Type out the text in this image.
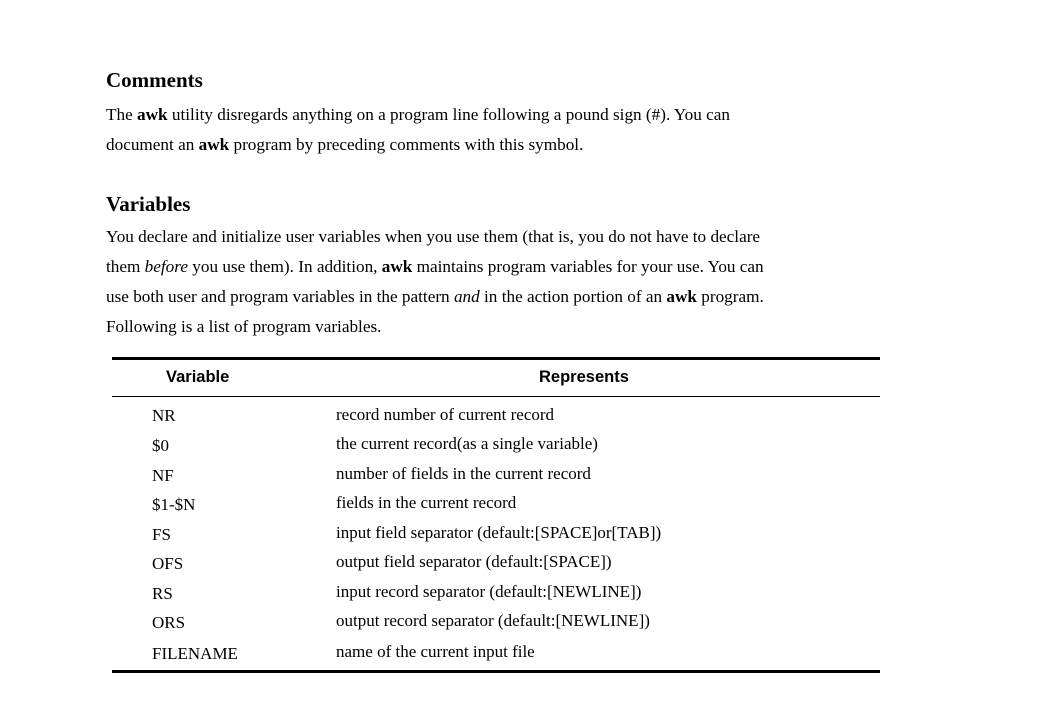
Comments

The awk utility disregards anything on a program line following a pound sign (#). You can
document an awk program by preceding comments with this symbol.

Variables

You declare and initialize user variables when you use them (that is, you do not have to declare
them before you use them). In addition, awk maintains program variables for your use. You can
use both user and program variables in the pattern and in the action portion of an awk program.
Following is a list of program variables.

Variable	Represents
NR	record number of current record
$0	the current record(as a single variable)
NF	number of fields in the current record
$1-$N	fields in the current record
FS	input field separator (default:[SPACE]or[TAB])
OFS	output field separator (default:[SPACE])
RS	input record separator (default:[NEWLINE])
ORS	output record separator (default:[NEWLINE])
FILENAME	name of the current input file
